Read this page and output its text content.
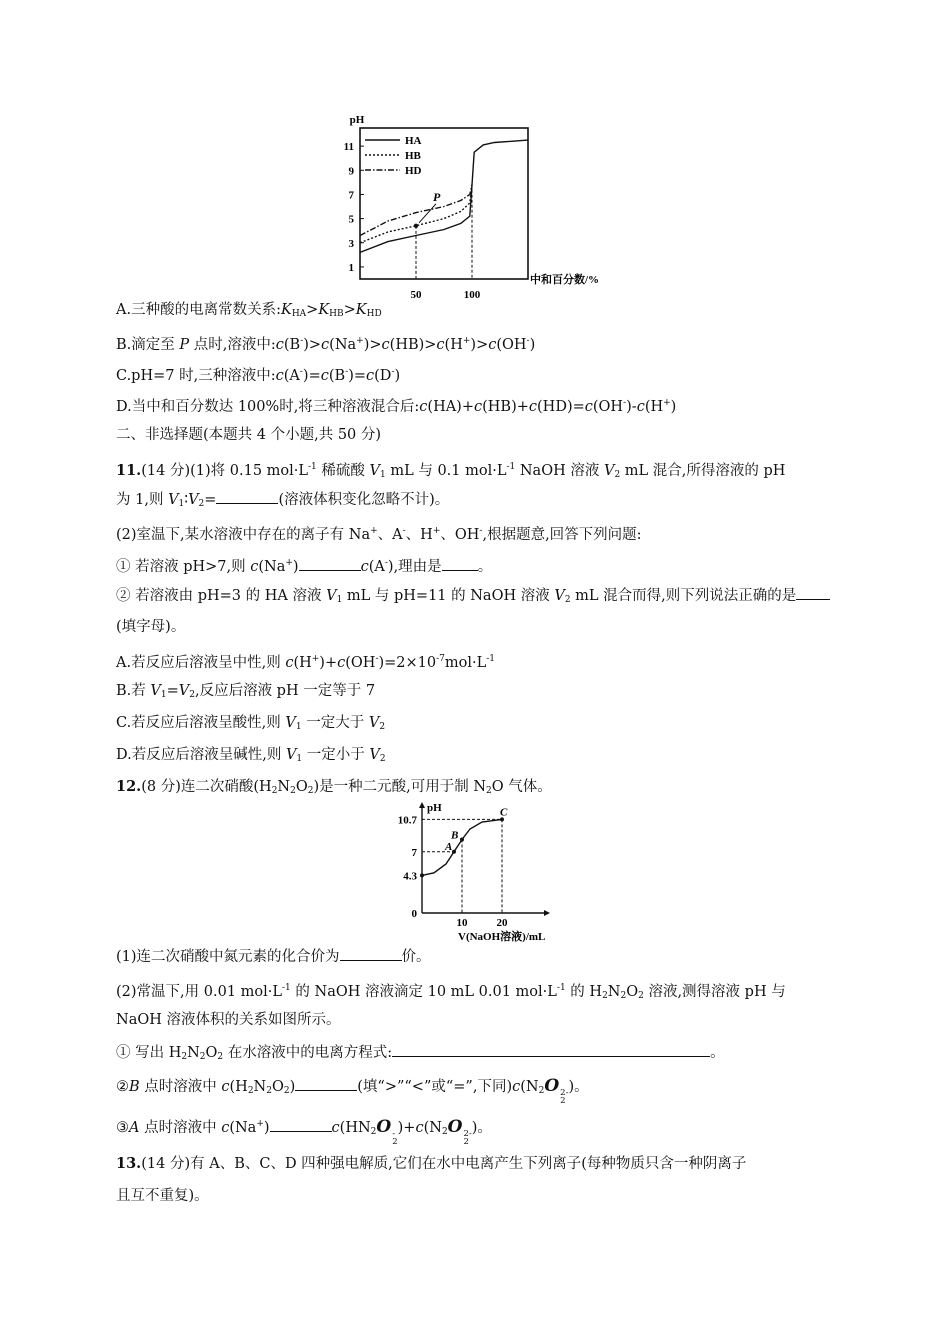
pH
中和百分数/%
11
9
7
5
3
1
50	100
HA
HB
HD
P
pH
V(NaOH溶液)/mL
10.7
7
4.3
0
10	20
A
B
C
A.三种酸的电离常数关系$:K_{HA}>K_{HB}>K_{HD}$
B.滴定至 P 点时,溶液中:c(B-)>c(Na+)>c(HB)>c(H+)>c(OH-)
C.pH=7 时,三种溶液中:c(A-)=c(B-)=c(D-)
D.当中和百分数达 100%时,将三种溶液混合后:c(HA)+c(HB)+c(HD)=c(OH-)-c(H+)
二、非选择题(本题共 4 个小题,共 50 分)
11.(14 分)(1)将 0.15 $mol\cdot L^{-1}$ 稀硫酸 $V_1$ mL 与 0.1 $mol\cdot L^{-1}$ NaOH 溶液 $V_2$ mL 混合,所得溶液的 pH
为 1,则 $V_1∶V_2=$	(溶液体积变化忽略不计)。
(2)室温下,某水溶液中存在的离子有 Na+、A-、H+、OH-,根据题意,回答下列问题:
① 若溶液 pH>7,则 c(Na+)	c(A-),理由是 。
② 若溶液由 pH=3 的 HA 溶液 $V_1$ mL 与 pH=11 的 NaOH 溶液 $V_2$ mL 混合而得,则下列说法正确的是
(填字母)。
A.若反应后溶液呈中性,则 $c(H^+)+c(OH^-)=2\times 10^{-7}mol\cdot L^{-1}$
B.若 $V_1=V_2$,反应后溶液 pH 一定等于 7
C.若反应后溶液呈酸性,则 $V_1$ 一定大于 $V_2$
D.若反应后溶液呈碱性,则 $V_1$ 一定小于 $V_2$
12.(8 分)连二次硝酸$(H_2N_2O_2)$是一种二元酸,可用于制 $N_2O$ 气体。
(1)连二次硝酸中氮元素的化合价为	价。
(2)常温下,用 0.01 $mol\cdot L^{-1}$ 的 NaOH 溶液滴定 10 mL 0.01 $mol\cdot L^{-1}$ 的 $H_2N_2O_2$ 溶液,测得溶液 pH 与
NaOH 溶液体积的关系如图所示。
① 写出 $H_2N_2O_2$ 在水溶液中的电离方程式:	。
②B 点时溶液中 $c(H_2N_2O_2)$	(填“>”“<”或“=”,下同)$c(N_2O$ 2-
2
)。
③A 点时溶液中 c(Na+)	$c(HN_2O$ -
2
)$+c(N_2O$ 2-
2
)。
13.(14 分)有 A、B、C、D 四种强电解质,它们在水中电离产生下列离子(每种物质只含一种阴离子
且互不重复)。
